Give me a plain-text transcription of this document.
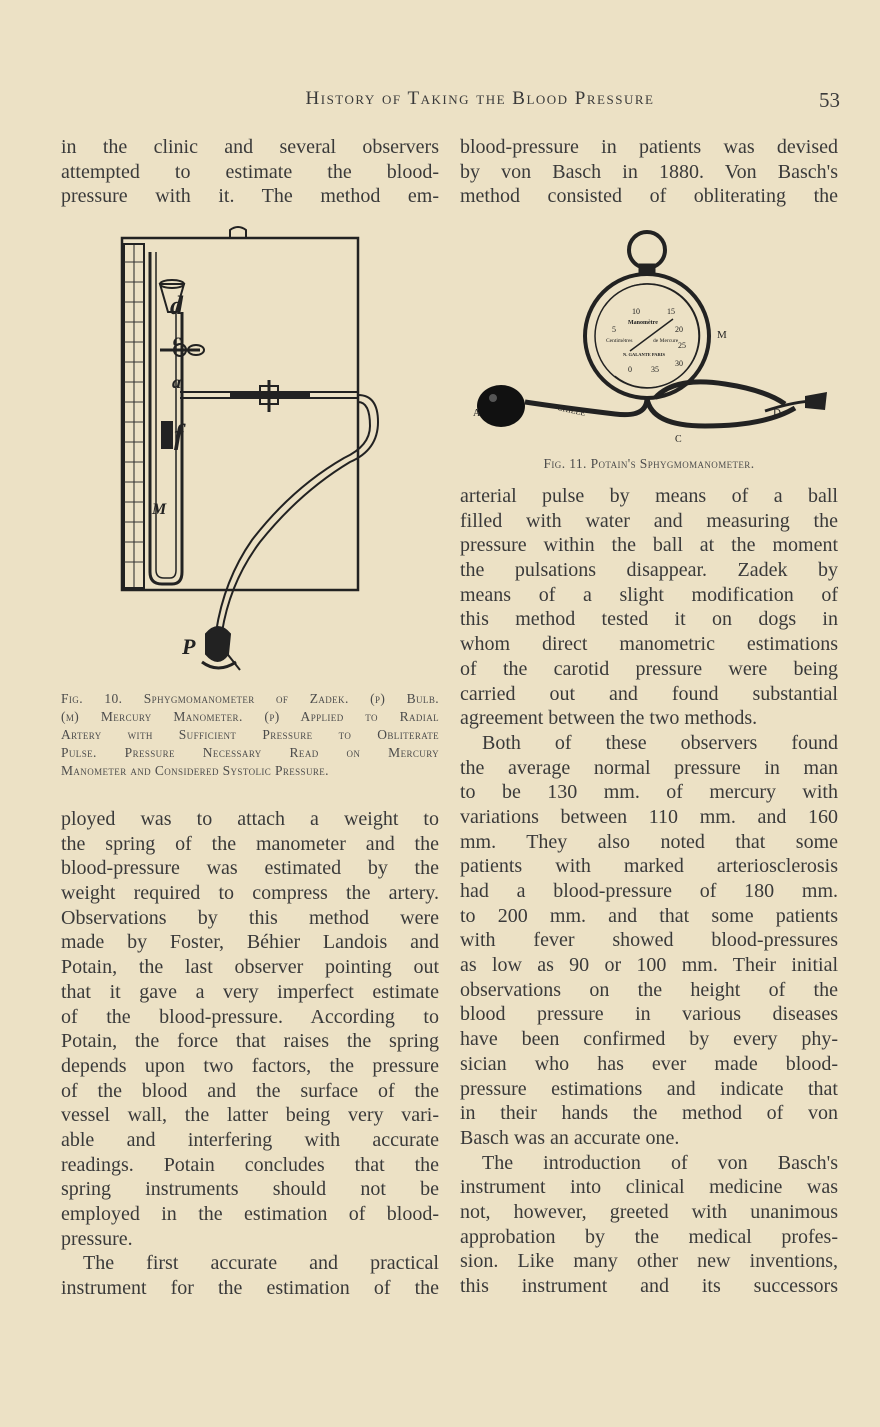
History of Taking the Blood Pressure	53
in the clinic and several observers
attempted to estimate the blood-
pressure with it. The method em-
d
c
a
f
M
P
Fig. 10. Sphygmomanometer of Zadek. (p) Bulb.
(m) Mercury Manometer. (p) Applied to Radial
Artery with Sufficient Pressure to Obliterate
Pulse. Pressure Necessary Read on Mercury
Manometer and Considered Systolic Pressure.
ployed was to attach a weight to
the spring of the manometer and the
blood-pressure was estimated by the
weight required to compress the artery.
Observations by this method were
made by Foster, Béhier Landois and
Potain, the last observer pointing out
that it gave a very imperfect estimate
of the blood-pressure. According to
Potain, the force that raises the spring
depends upon two factors, the pressure
of the blood and the surface of the
vessel wall, the latter being very vari-
able and interfering with accurate
readings. Potain concludes that the
spring instruments should not be
employed in the estimation of blood-
pressure.
The first accurate and practical
instrument for the estimation of the
blood-pressure in patients was devised
by von Basch in 1880. Von Basch's
method consisted of obliterating the
10	15
Manomètre
5	20
Centimètres	de Mercure 25
30
0 35
N. GALANTE PARIS
M
A	D
C
CHILLE
Fig. 11. Potain's Sphygmomanometer.
arterial pulse by means of a ball
filled with water and measuring the
pressure within the ball at the moment
the pulsations disappear. Zadek by
means of a slight modification of
this method tested it on dogs in
whom direct manometric estimations
of the carotid pressure were being
carried out and found substantial
agreement between the two methods.
Both of these observers found
the average normal pressure in man
to be 130 mm. of mercury with
variations between 110 mm. and 160
mm. They also noted that some
patients with marked arteriosclerosis
had a blood-pressure of 180 mm.
to 200 mm. and that some patients
with fever showed blood-pressures
as low as 90 or 100 mm. Their initial
observations on the height of the
blood pressure in various diseases
have been confirmed by every phy-
sician who has ever made blood-
pressure estimations and indicate that
in their hands the method of von
Basch was an accurate one.
The introduction of von Basch's
instrument into clinical medicine was
not, however, greeted with unanimous
approbation by the medical profes-
sion. Like many other new inventions,
this instrument and its successors
